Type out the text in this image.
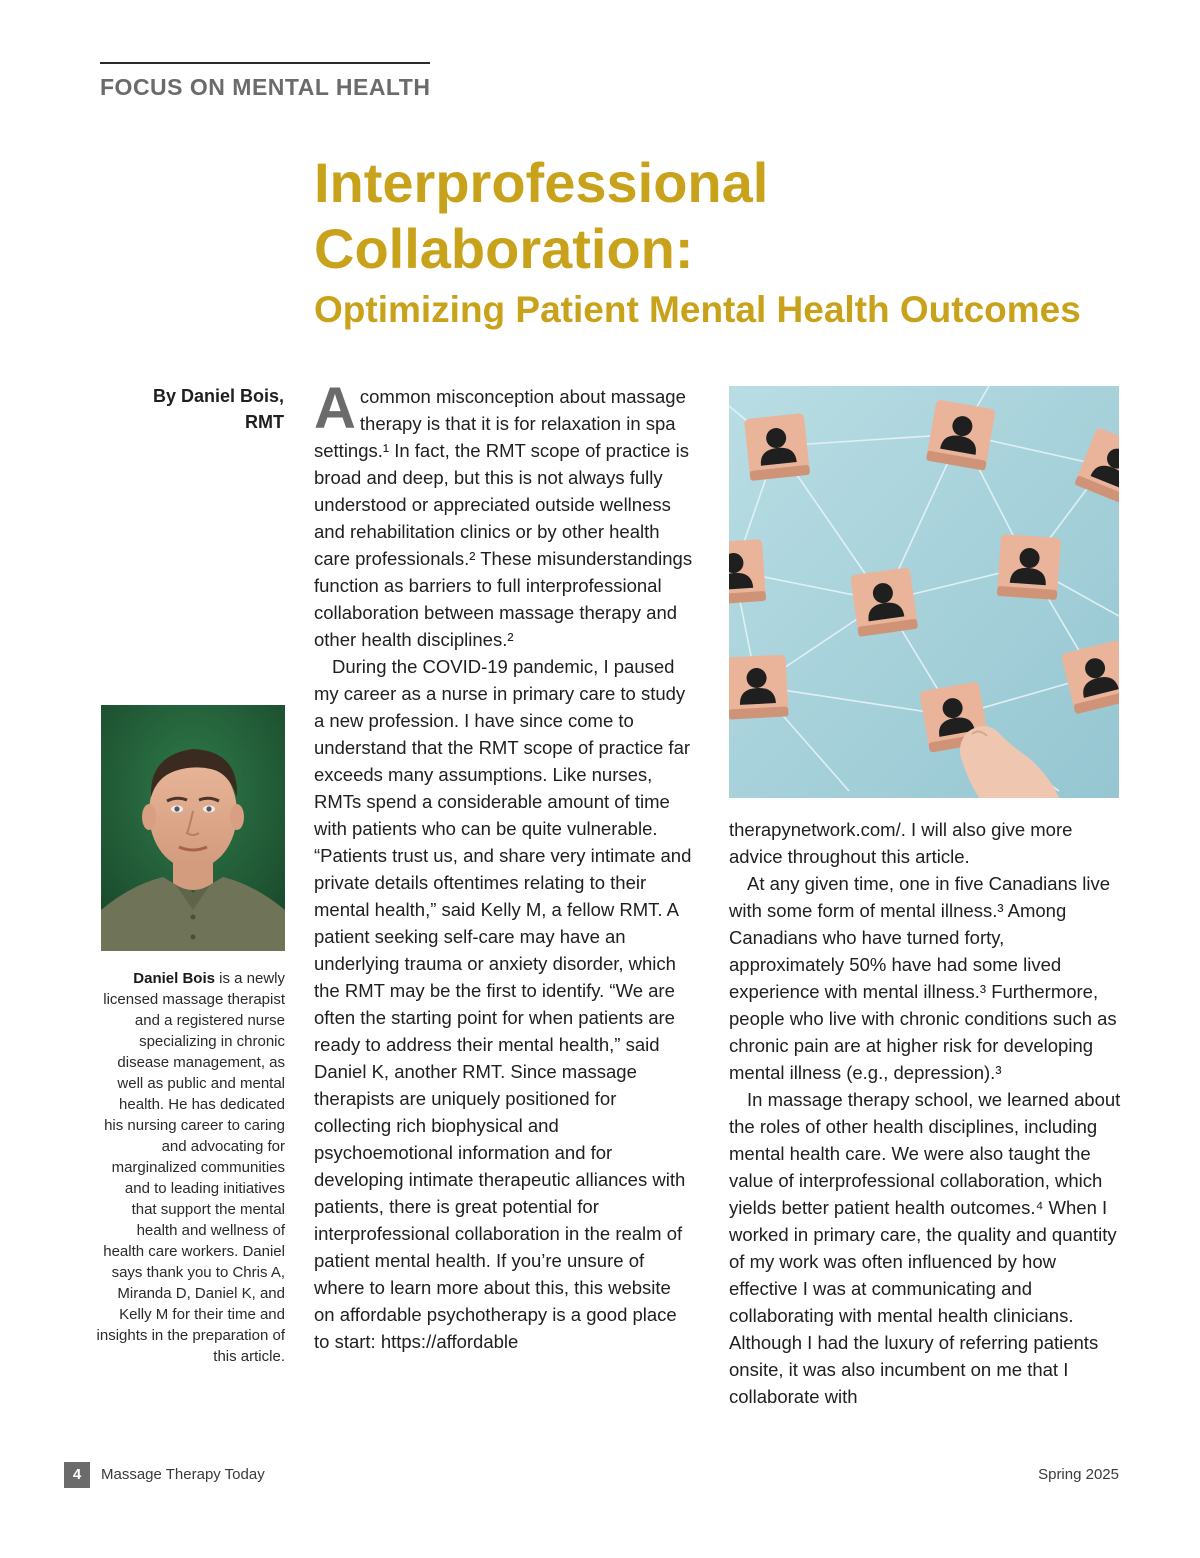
FOCUS ON MENTAL HEALTH
Interprofessional Collaboration:
Optimizing Patient Mental Health Outcomes
By Daniel Bois,
RMT
Daniel Bois is a newly licensed massage therapist and a registered nurse specializing in chronic disease management, as well as public and mental health. He has dedicated his nursing career to caring and advocating for marginalized communities and to leading initiatives that support the mental health and wellness of health care workers. Daniel says thank you to Chris A, Miranda D, Daniel K, and Kelly M for their time and insights in the preparation of this article.

A common misconception about massage therapy is that it is for relaxation in spa settings.¹ In fact, the RMT scope of practice is broad and deep, but this is not always fully understood or appreciated outside wellness and rehabilitation clinics or by other health care professionals.² These misunderstandings function as barriers to full interprofessional collaboration between massage therapy and other health disciplines.²

During the COVID-19 pandemic, I paused my career as a nurse in primary care to study a new profession. I have since come to understand that the RMT scope of practice far exceeds many assumptions. Like nurses, RMTs spend a considerable amount of time with patients who can be quite vulnerable. “Patients trust us, and share very intimate and private details oftentimes relating to their mental health,” said Kelly M, a fellow RMT. A patient seeking self-care may have an underlying trauma or anxiety disorder, which the RMT may be the first to identify. “We are often the starting point for when patients are ready to address their mental health,” said Daniel K, another RMT. Since massage therapists are uniquely positioned for collecting rich biophysical and psychoemotional information and for developing intimate therapeutic alliances with patients, there is great potential for interprofessional collaboration in the realm of patient mental health. If you’re unsure of where to learn more about this, this website on affordable psychotherapy is a good place to start: https://affordable

therapynetwork.com/. I will also give more advice throughout this article.

At any given time, one in five Canadians live with some form of mental illness.³ Among Canadians who have turned forty, approximately 50% have had some lived experience with mental illness.³ Furthermore, people who live with chronic conditions such as chronic pain are at higher risk for developing mental illness (e.g., depression).³

In massage therapy school, we learned about the roles of other health disciplines, including mental health care. We were also taught the value of interprofessional collaboration, which yields better patient health outcomes.⁴ When I worked in primary care, the quality and quantity of my work was often influenced by how effective I was at communicating and collaborating with mental health clinicians. Although I had the luxury of referring patients onsite, it was also incumbent on me that I collaborate with

4	Massage Therapy Today	Spring 2025
